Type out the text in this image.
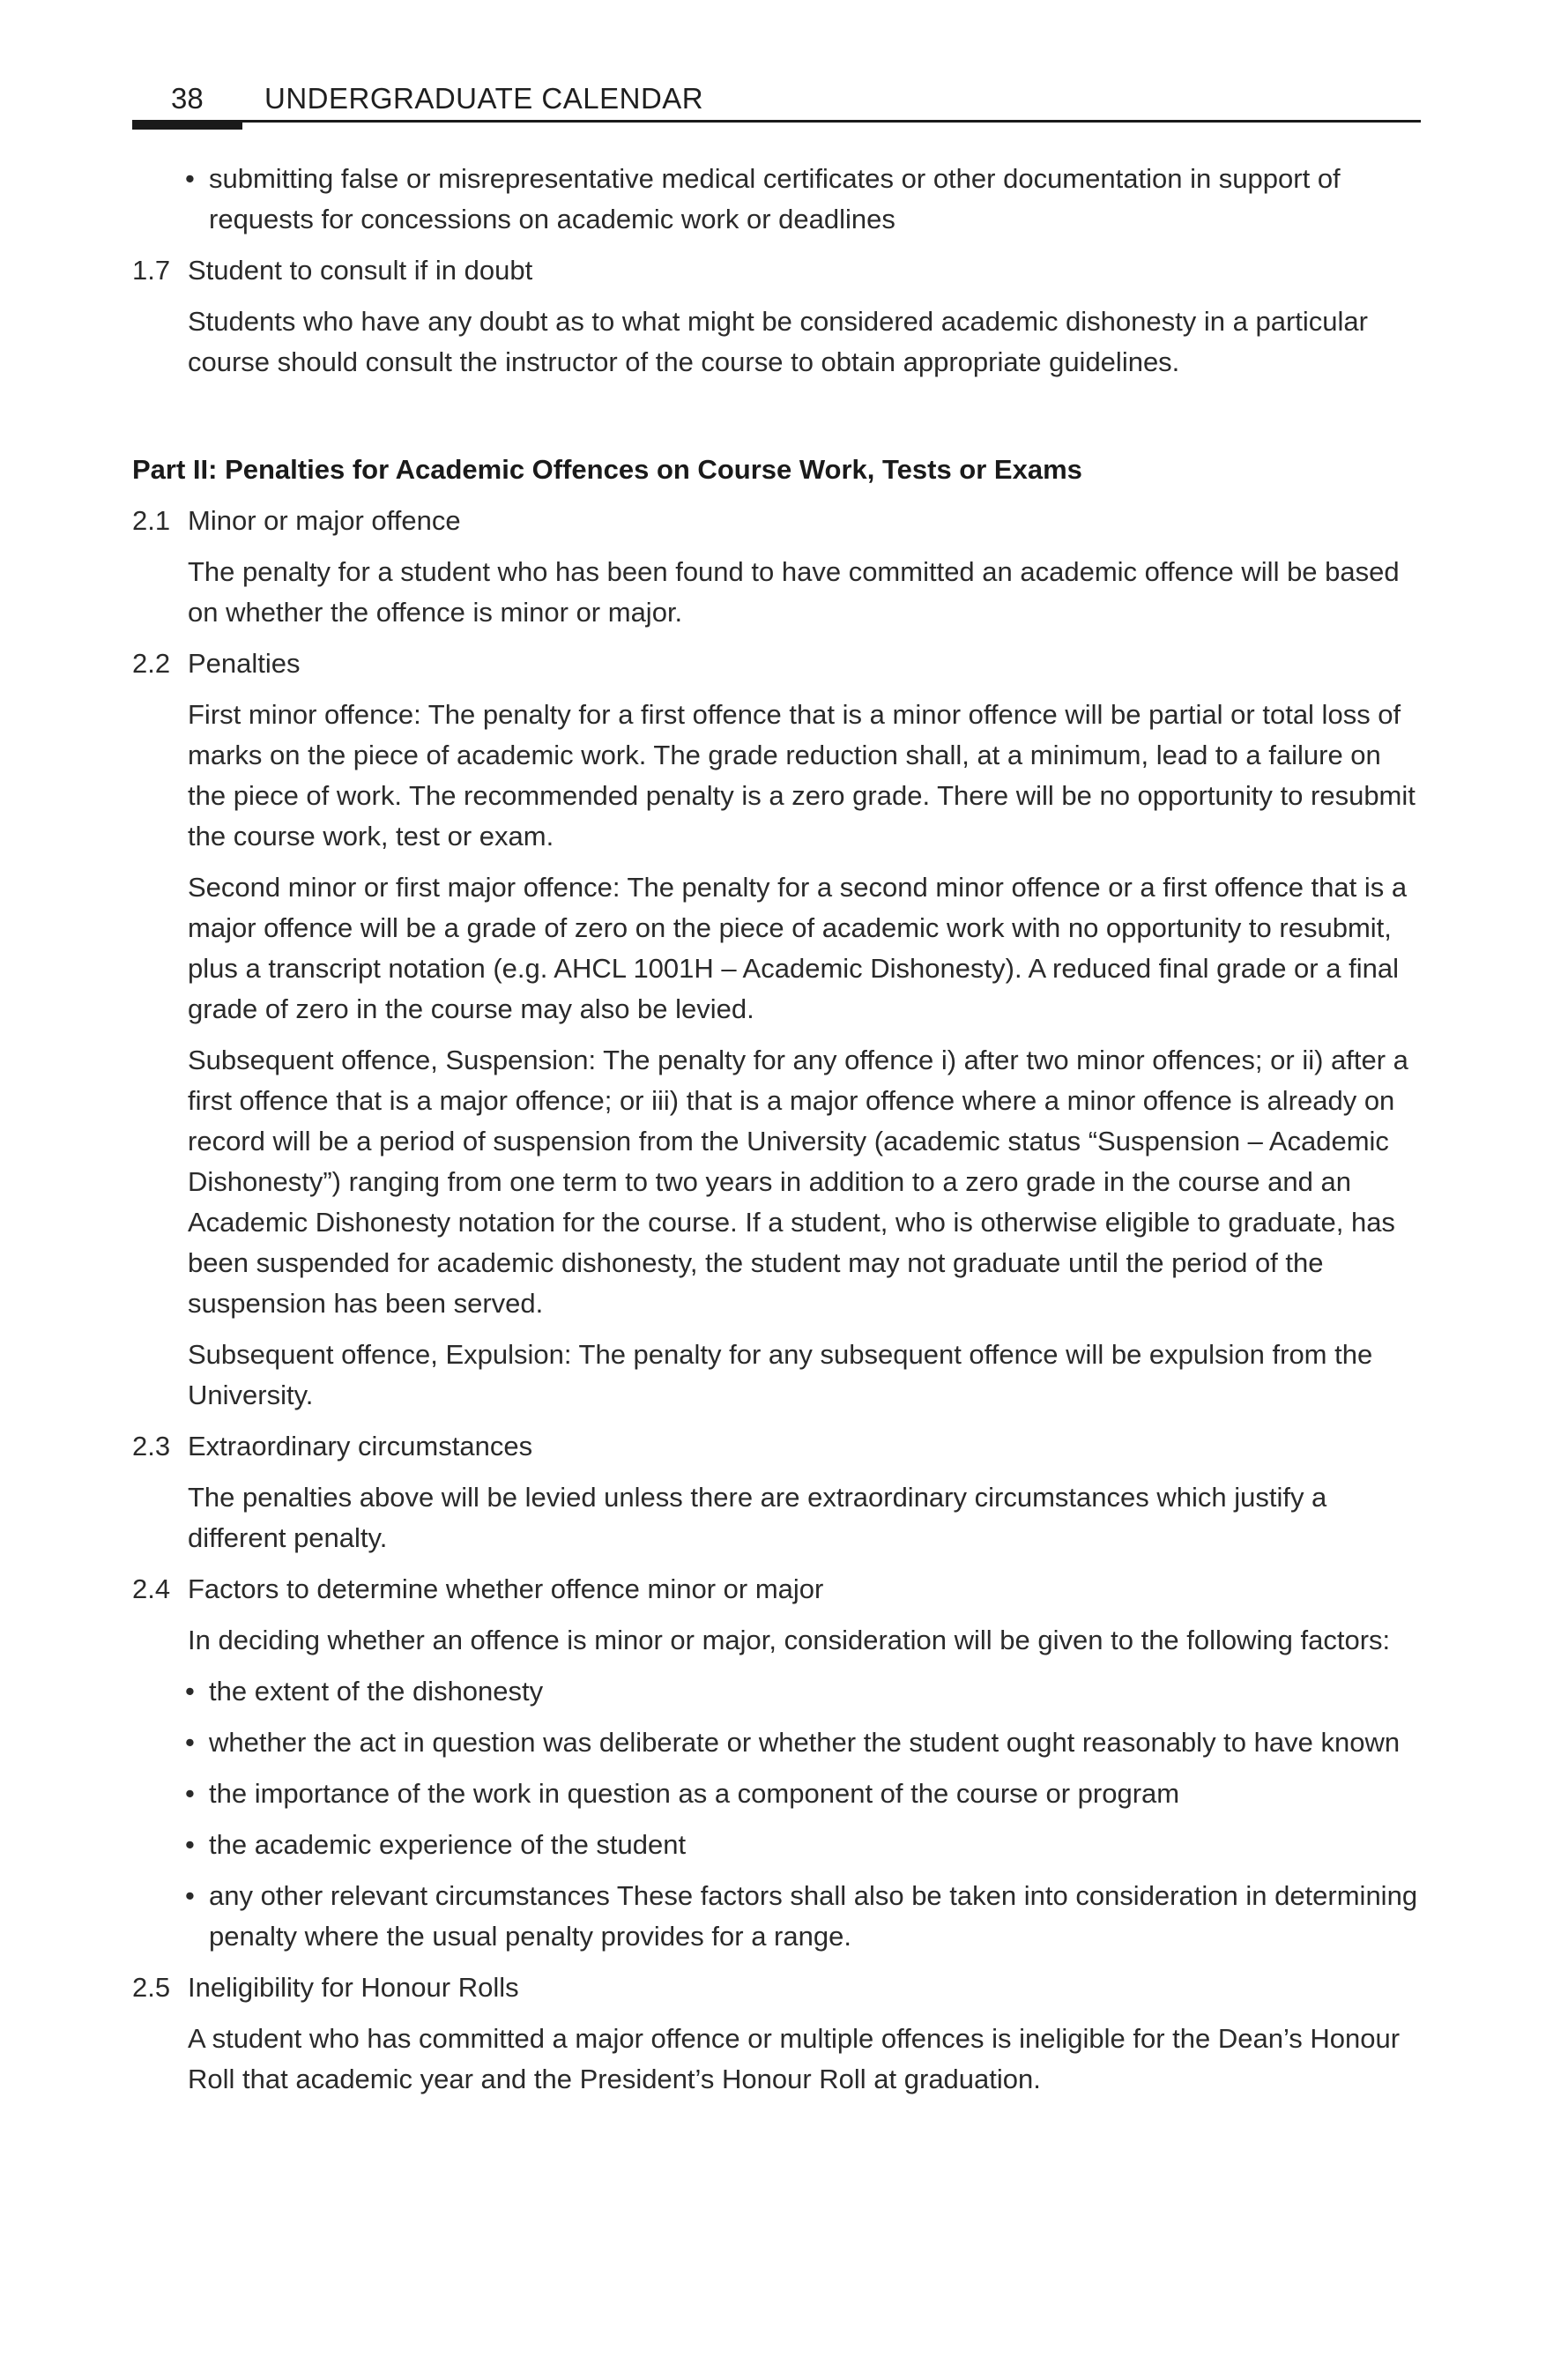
38 UNDERGRADUATE CALENDAR

• submitting false or misrepresentative medical certificates or other documentation in support of requests for concessions on academic work or deadlines

1.7 Student to consult if in doubt

Students who have any doubt as to what might be considered academic dishonesty in a particular course should consult the instructor of the course to obtain appropriate guidelines.

Part II: Penalties for Academic Offences on Course Work, Tests or Exams

2.1 Minor or major offence

The penalty for a student who has been found to have committed an academic offence will be based on whether the offence is minor or major.

2.2 Penalties

First minor offence: The penalty for a first offence that is a minor offence will be partial or total loss of marks on the piece of academic work. The grade reduction shall, at a minimum, lead to a failure on the piece of work. The recommended penalty is a zero grade. There will be no opportunity to resubmit the course work, test or exam.

Second minor or first major offence: The penalty for a second minor offence or a first offence that is a major offence will be a grade of zero on the piece of academic work with no opportunity to resubmit, plus a transcript notation (e.g. AHCL 1001H – Academic Dishonesty). A reduced final grade or a final grade of zero in the course may also be levied.

Subsequent offence, Suspension: The penalty for any offence i) after two minor offences; or ii) after a first offence that is a major offence; or iii) that is a major offence where a minor offence is already on record will be a period of suspension from the University (academic status “Suspension – Academic Dishonesty”) ranging from one term to two years in addition to a zero grade in the course and an Academic Dishonesty notation for the course. If a student, who is otherwise eligible to graduate, has been suspended for academic dishonesty, the student may not graduate until the period of the suspension has been served.

Subsequent offence, Expulsion: The penalty for any subsequent offence will be expulsion from the University.

2.3 Extraordinary circumstances

The penalties above will be levied unless there are extraordinary circumstances which justify a different penalty.

2.4 Factors to determine whether offence minor or major

In deciding whether an offence is minor or major, consideration will be given to the following factors:

• the extent of the dishonesty

• whether the act in question was deliberate or whether the student ought reasonably to have known

• the importance of the work in question as a component of the course or program

• the academic experience of the student

• any other relevant circumstances These factors shall also be taken into consideration in determining penalty where the usual penalty provides for a range.

2.5 Ineligibility for Honour Rolls

A student who has committed a major offence or multiple offences is ineligible for the Dean’s Honour Roll that academic year and the President’s Honour Roll at graduation.
